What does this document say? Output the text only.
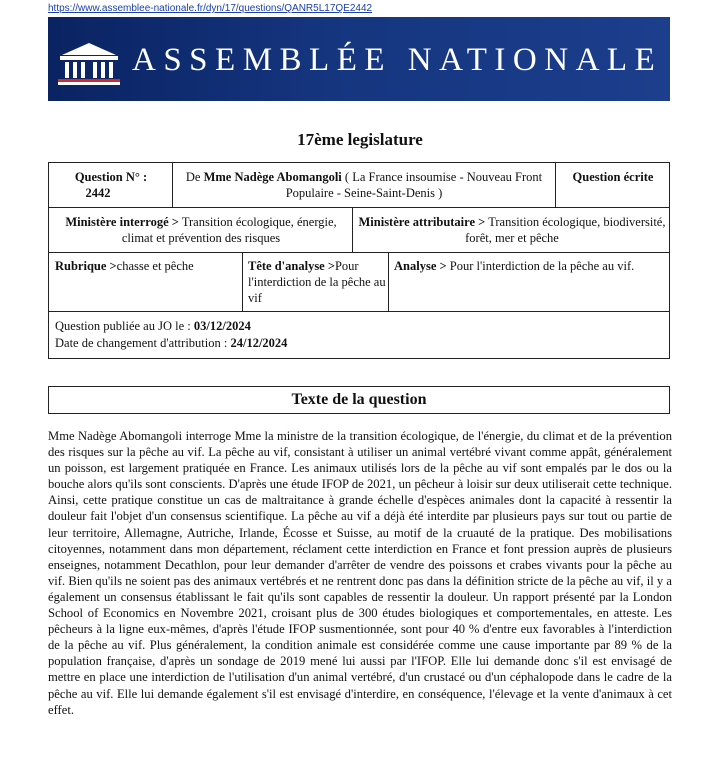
https://www.assemblee-nationale.fr/dyn/17/questions/QANR5L17QE2442
ASSEMBLÉE NATIONALE
17ème legislature
Question N° :
2442
De Mme Nadège Abomangoli ( La France insoumise - Nouveau Front Populaire - Seine-Saint-Denis )
Question écrite
Ministère interrogé > Transition écologique, énergie, climat et prévention des risques
Ministère attributaire > Transition écologique, biodiversité, forêt, mer et pêche
Rubrique >chasse et pêche	Tête d'analyse >Pour l'interdiction de la pêche au vif
Analyse > Pour l'interdiction de la pêche au vif.
Question publiée au JO le : 03/12/2024
Date de changement d'attribution : 24/12/2024
Texte de la question
Mme Nadège Abomangoli interroge Mme la ministre de la transition écologique, de l'énergie, du climat et de la prévention des risques sur la pêche au vif. La pêche au vif, consistant à utiliser un animal vertébré vivant comme appât, généralement un poisson, est largement pratiquée en France. Les animaux utilisés lors de la pêche au vif sont empalés par le dos ou la bouche alors qu'ils sont conscients. D'après une étude IFOP de 2021, un pêcheur à loisir sur deux utiliserait cette technique. Ainsi, cette pratique constitue un cas de maltraitance à grande échelle d'espèces animales dont la capacité à ressentir la douleur fait l'objet d'un consensus scientifique. La pêche au vif a déjà été interdite par plusieurs pays sur tout ou partie de leur territoire, Allemagne, Autriche, Irlande, Écosse et Suisse, au motif de la cruauté de la pratique. Des mobilisations citoyennes, notamment dans mon département, réclament cette interdiction en France et font pression auprès de plusieurs enseignes, notamment Decathlon, pour leur demander d'arrêter de vendre des poissons et crabes vivants pour la pêche au vif. Bien qu'ils ne soient pas des animaux vertébrés et ne rentrent donc pas dans la définition stricte de la pêche au vif, il y a également un consensus établissant le fait qu'ils sont capables de ressentir la douleur. Un rapport présenté par la London School of Economics en Novembre 2021, croisant plus de 300 études biologiques et comportementales, en atteste. Les pêcheurs à la ligne eux-mêmes, d'après l'étude IFOP susmentionnée, sont pour 40 % d'entre eux favorables à l'interdiction de la pêche au vif. Plus généralement, la condition animale est considérée comme une cause importante par 89 % de la population française, d'après un sondage de 2019 mené lui aussi par l'IFOP. Elle lui demande donc s'il est envisagé de mettre en place une interdiction de l'utilisation d'un animal vertébré, d'un crustacé ou d'un céphalopode dans le cadre de la pêche au vif. Elle lui demande également s'il est envisagé d'interdire, en conséquence, l'élevage et la vente d'animaux à cet effet.
